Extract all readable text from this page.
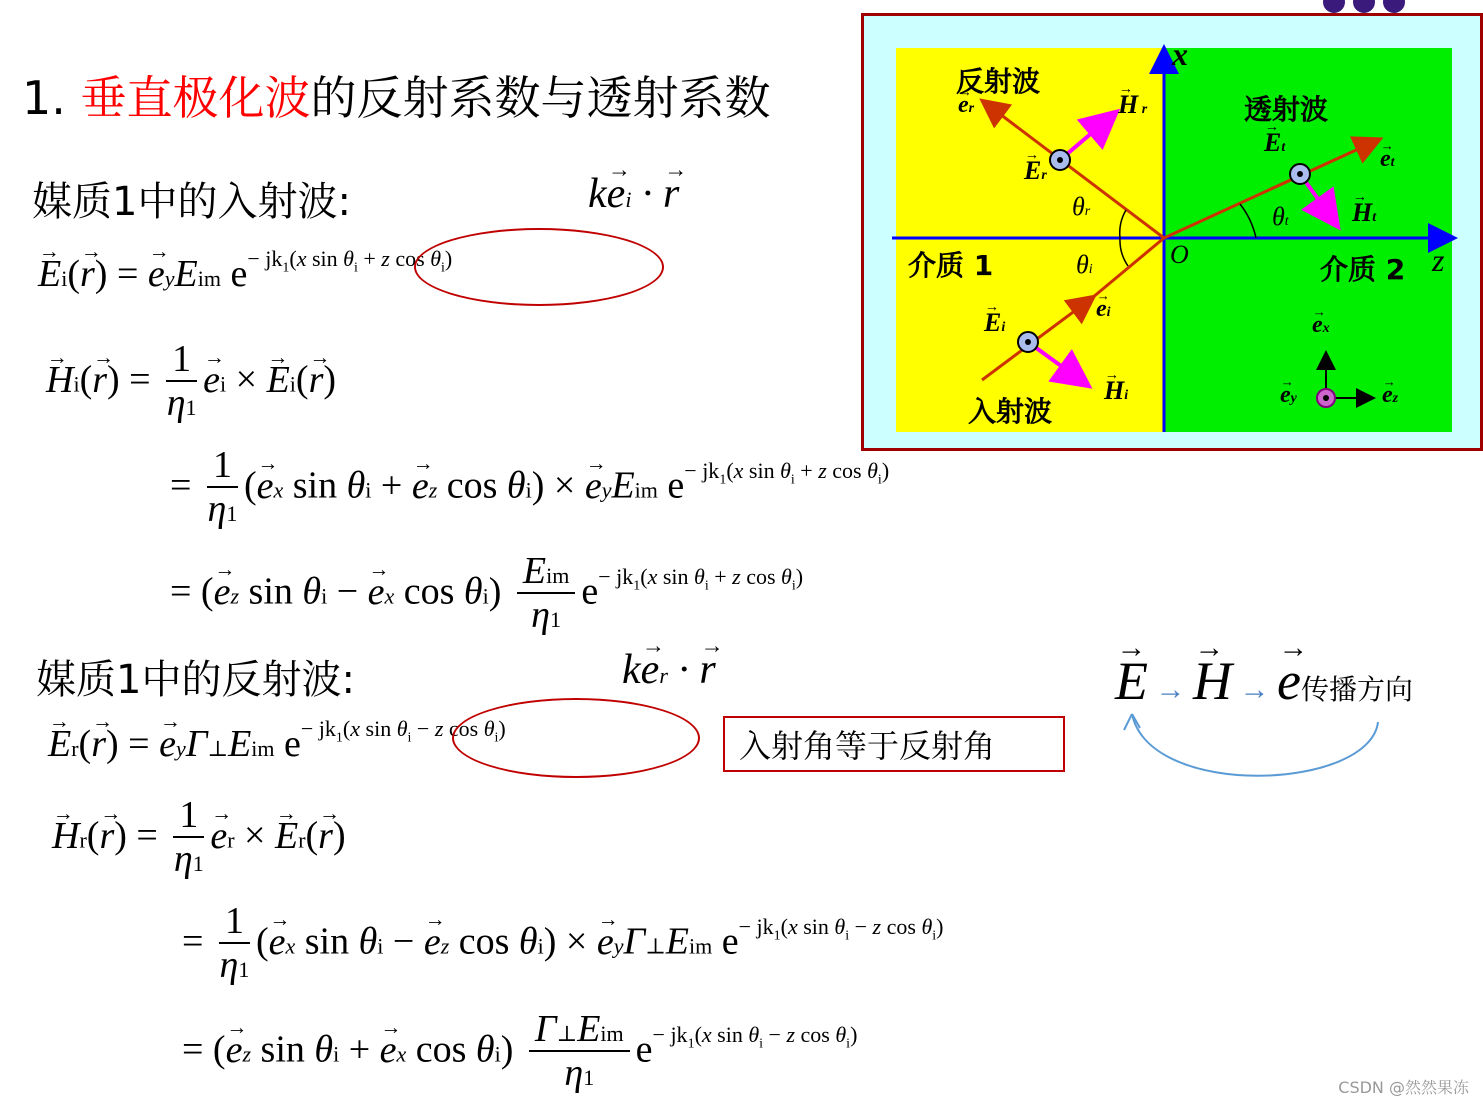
1. 垂直极化波的反射系数与透射系数
媒质1中的入射波:	k→ ei · → r
→ Ei(→ r) = → eyEim $e^{- jk_1(x sin \theta_i + z cos \theta_i)}$
→ $Hi(\to r) = \frac{1}{\eta 1}$ → ei × → Ei(→ r)
= $\frac{1}{\eta 1}$ (→ ex sin θi + → ez cos θi) × → eyEim $e^{- jk_1(x sin \theta_i + z cos \theta_i)}$
= (→ ez sin θi − → ex $\cos \theta i) \frac{\text{Eim}}{\eta 1} e^{- jk_1(x sin \theta_i + z cos \theta_i)}$
媒质1中的反射波:	k→ er · → r
→ Er(→ r) = → eyΓ⊥Eim $e^{- jk_1(x sin \theta_i - z cos \theta_i)}$	入射角等于反射角
→ $Hr(\to r) = \frac{1}{\eta 1}$ → er × → Er(→ r)
= $\frac{1}{\eta 1}$ (→ ex sin θi − → ez cos θi) × → eyΓ⊥Eim $e^{- jk_1(x sin \theta_i - z cos \theta_i)}$
= (→ ez sin θi + → ex $\cos \theta i) \frac{\text{Γ⊥Eim}}{\eta 1} e^{- jk_1(x sin \theta_i - z cos \theta_i)}$
→ E → → H → → e传播方向
反射波
透射波
入射波
介质 1	介质 2
x
z
O
→ er	→ H r
→ Er
θr
θi
→ Et	→ et
θt → Ht
→ Ei
→ ei
→ Hi
→ ex
→ ey	→ ez
CSDN @然然果冻
